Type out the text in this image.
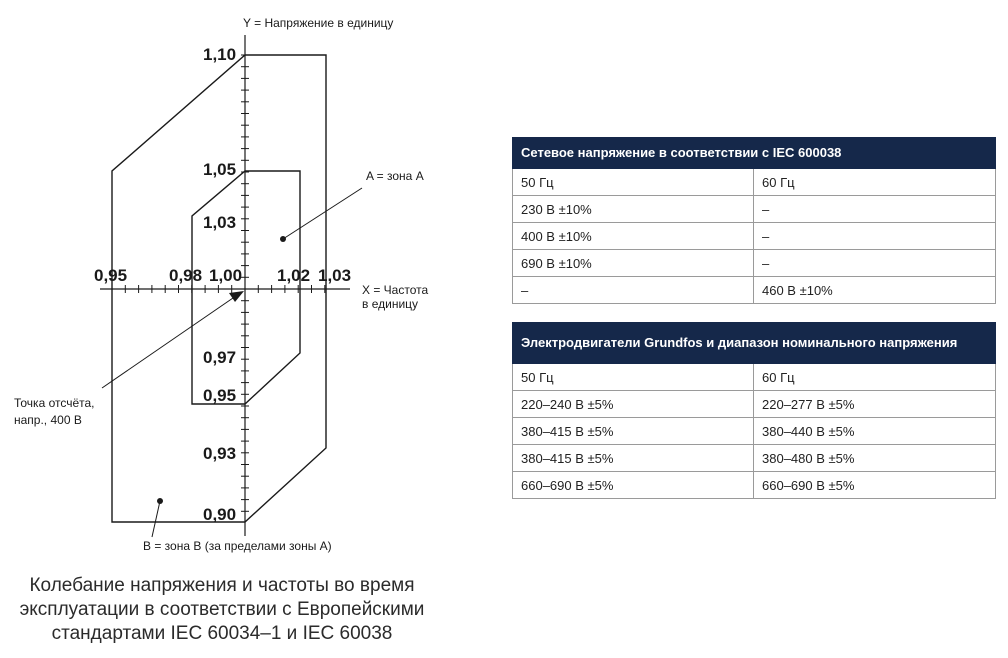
Y = Напряжение в единицу
X = Частота
в единицу
0,95 0,98 1,00 1,02 1,03
1,10
1,05
1,03
0,97
0,95
0,93
0,90
A = зона A
B = зона B (за пределами зоны A)
Точка отсчёта,
напр., 400 В
Колебание напряжения и частоты во время
эксплуатации в соответствии с Европейскими
стандартами IEC 60034–1 и IEC 60038
Сетевое напряжение в соответствии с IEC 600038	
50 Гц	60 Гц
230 В ±10%	–
400 В ±10%	–
690 В ±10%	–
–	460 В ±10%
Электродвигатели Grundfos и диапазон номинального напряжения	
50 Гц	60 Гц
220–240 В ±5%	220–277 В ±5%
380–415 В ±5%	380–440 В ±5%
380–415 В ±5%	380–480 В ±5%
660–690 В ±5%	660–690 В ±5%
